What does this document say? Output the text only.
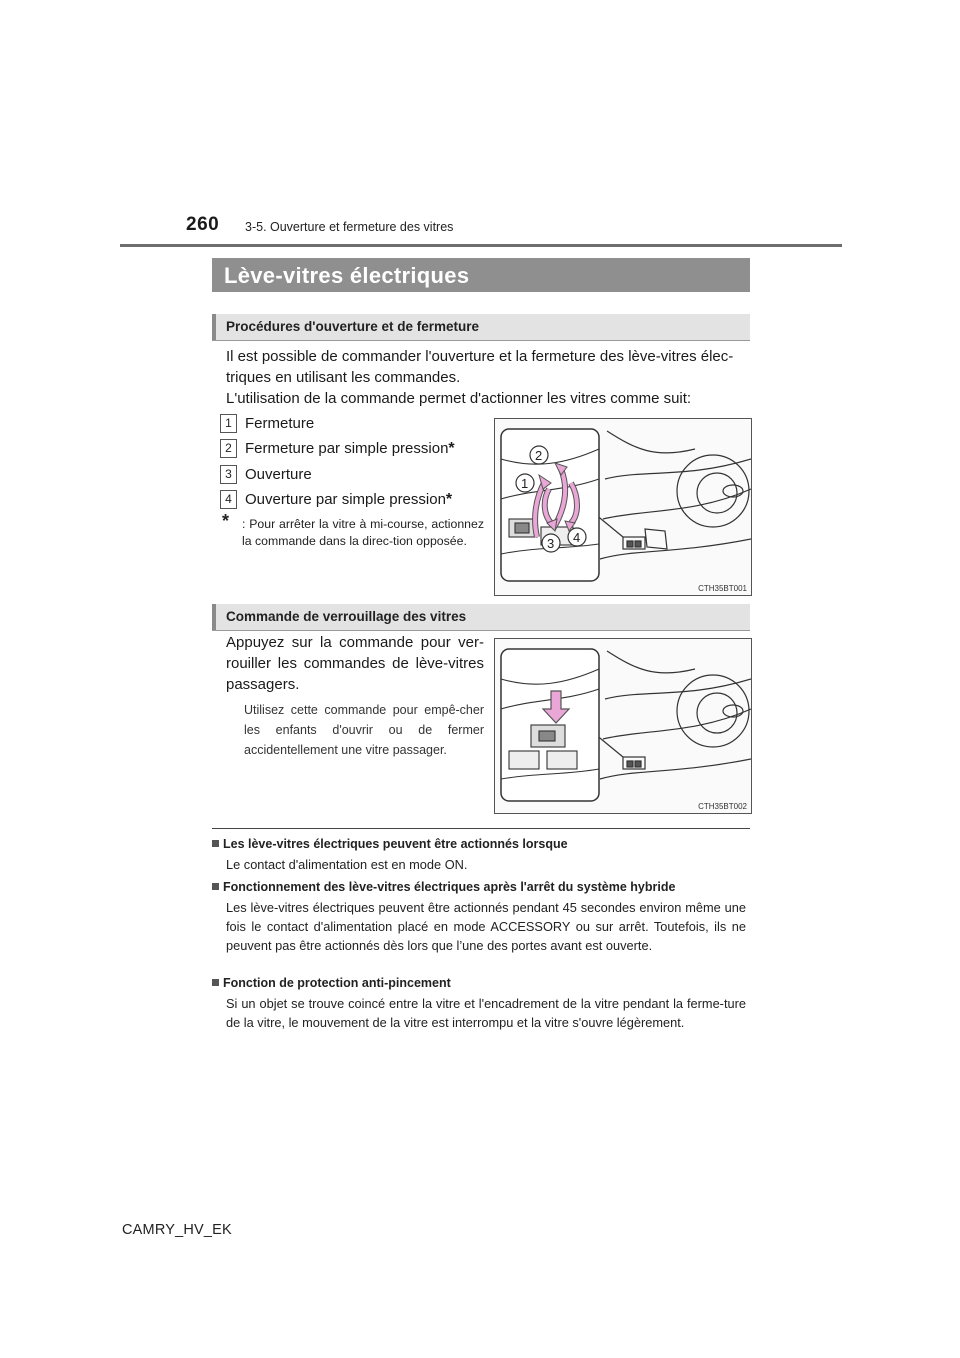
260 3-5. Ouverture et fermeture des vitres
Lève-vitres électriques
Procédures d'ouverture et de fermeture
Il est possible de commander l'ouverture et la fermeture des lève-vitres élec-
triques en utilisant les commandes.
L'utilisation de la commande permet d'actionner les vitres comme suit:
1 Fermeture
2 Fermeture par simple pression *
3 Ouverture
4 Ouverture par simple pression *
*	: Pour arrêter la vitre à mi-course, actionnez la commande dans la direc-tion opposée.
2
1
3 4
CTH35BT001
Commande de verrouillage des vitres
Appuyez sur la commande pour ver-rouiller les commandes de lève-vitres passagers.
Utilisez cette commande pour empê-cher les enfants d'ouvrir ou de fermer accidentellement une vitre passager.
CTH35BT002
Les lève-vitres électriques peuvent être actionnés lorsque
Le contact d'alimentation est en mode ON.
Fonctionnement des lève-vitres électriques après l'arrêt du système hybride
Les lève-vitres électriques peuvent être actionnés pendant 45 secondes environ même une fois le contact d'alimentation placé en mode ACCESSORY ou sur arrêt. Toutefois, ils ne peuvent pas être actionnés dès lors que l’une des portes avant est ouverte.
Fonction de protection anti-pincement
Si un objet se trouve coincé entre la vitre et l'encadrement de la vitre pendant la ferme-ture de la vitre, le mouvement de la vitre est interrompu et la vitre s'ouvre légèrement.
CAMRY_HV_EK
